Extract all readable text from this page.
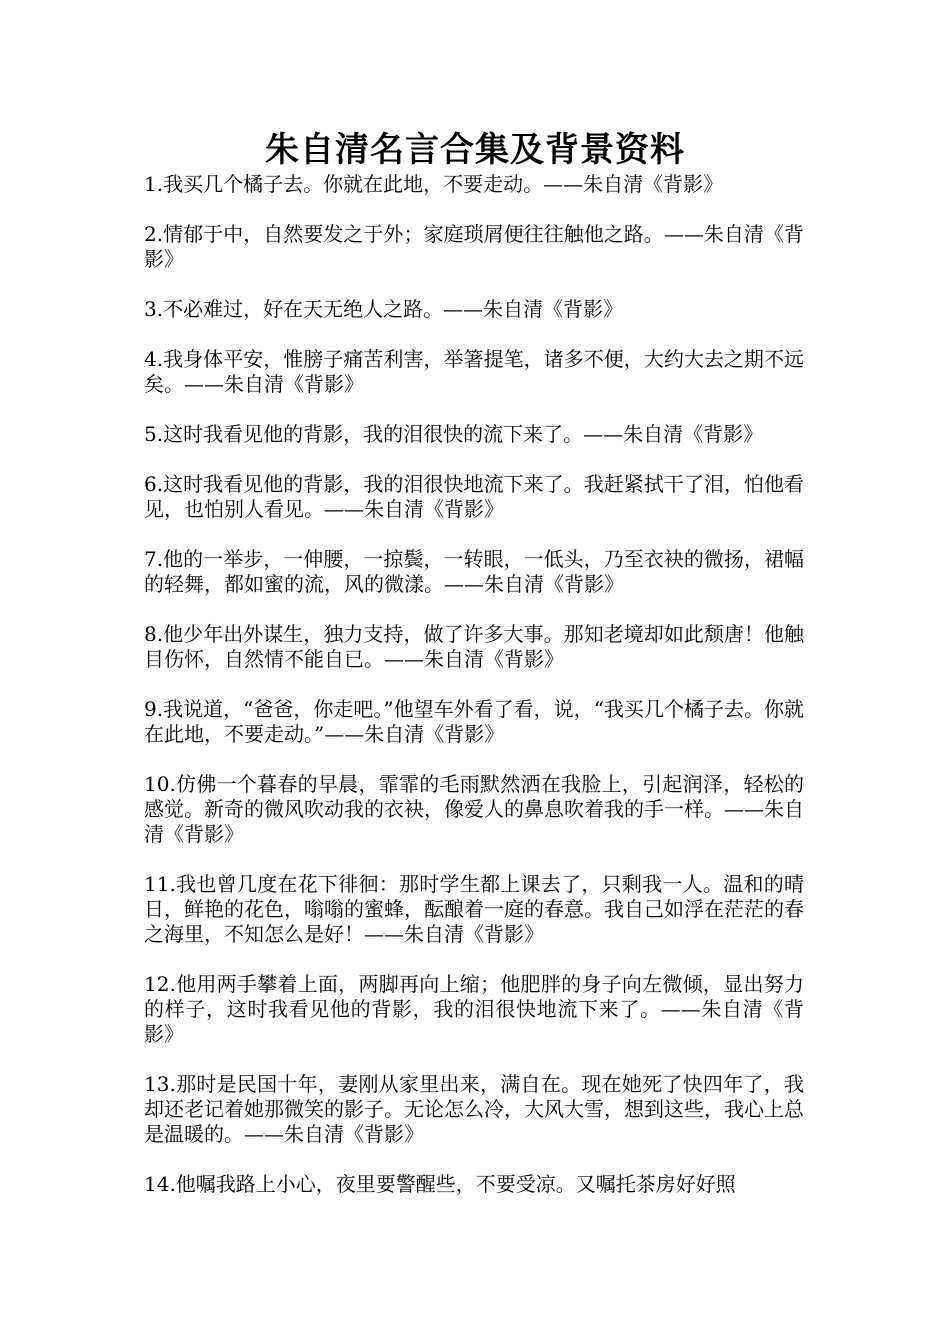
朱自清名言合集及背景资料

1.我买几个橘子去。你就在此地，不要走动。——朱自清《背影》

2.情郁于中，自然要发之于外；家庭琐屑便往往触他之路。——朱自清《背影》

3.不必难过，好在天无绝人之路。——朱自清《背影》

4.我身体平安，惟膀子痛苦利害，举箸提笔，诸多不便，大约大去之期不远矣。——朱自清《背影》

5.这时我看见他的背影，我的泪很快的流下来了。——朱自清《背影》

6.这时我看见他的背影，我的泪很快地流下来了。我赶紧拭干了泪，怕他看见，也怕别人看见。——朱自清《背影》

7.他的一举步，一伸腰，一掠鬓，一转眼，一低头，乃至衣袂的微扬，裙幅的轻舞，都如蜜的流，风的微漾。——朱自清《背影》

8.他少年出外谋生，独力支持，做了许多大事。那知老境却如此颓唐！他触目伤怀，自然情不能自已。——朱自清《背影》

9.我说道，“爸爸，你走吧。”他望车外看了看，说，“我买几个橘子去。你就在此地，不要走动。”——朱自清《背影》

10.仿佛一个暮春的早晨，霏霏的毛雨默然洒在我脸上，引起润泽，轻松的感觉。新奇的微风吹动我的衣袂，像爱人的鼻息吹着我的手一样。——朱自清《背影》

11.我也曾几度在花下徘徊：那时学生都上课去了，只剩我一人。温和的晴日，鲜艳的花色，嗡嗡的蜜蜂，酝酿着一庭的春意。我自己如浮在茫茫的春之海里，不知怎么是好！——朱自清《背影》

12.他用两手攀着上面，两脚再向上缩；他肥胖的身子向左微倾，显出努力的样子，这时我看见他的背影，我的泪很快地流下来了。——朱自清《背影》

13.那时是民国十年，妻刚从家里出来，满自在。现在她死了快四年了，我却还老记着她那微笑的影子。无论怎么冷，大风大雪，想到这些，我心上总是温暖的。——朱自清《背影》

14.他嘱我路上小心，夜里要警醒些，不要受凉。又嘱托茶房好好照
